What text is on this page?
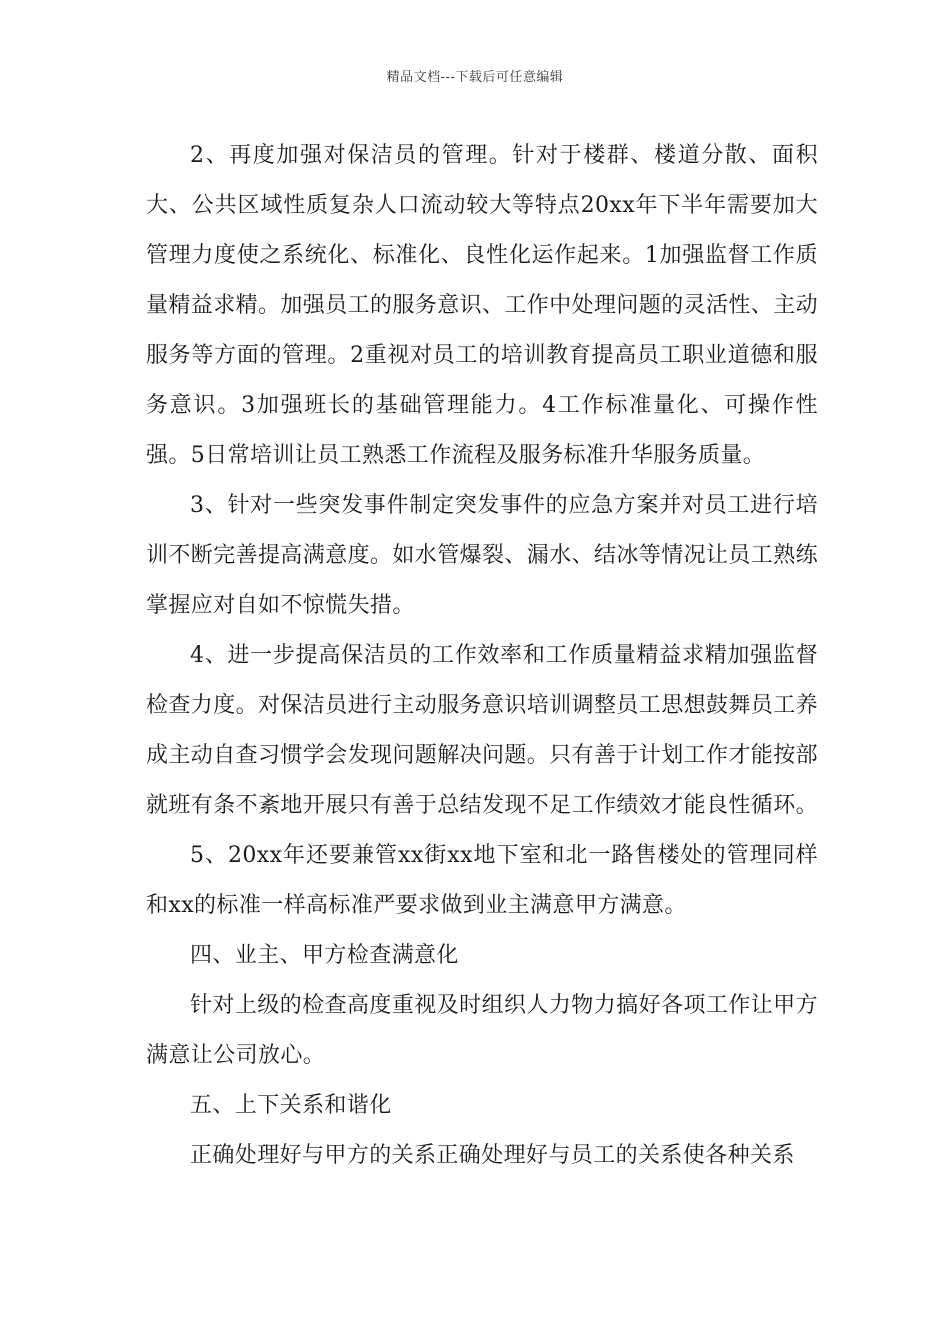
精品文档---下载后可任意编辑

2、再度加强对保洁员的管理。针对于楼群、楼道分散、面积大、公共区域性质复杂人口流动较大等特点20xx年下半年需要加大管理力度使之系统化、标准化、良性化运作起来。1加强监督工作质量精益求精。加强员工的服务意识、工作中处理问题的灵活性、主动服务等方面的管理。2重视对员工的培训教育提高员工职业道德和服务意识。3加强班长的基础管理能力。4工作标准量化、可操作性强。5日常培训让员工熟悉工作流程及服务标准升华服务质量。

3、针对一些突发事件制定突发事件的应急方案并对员工进行培训不断完善提高满意度。如水管爆裂、漏水、结冰等情况让员工熟练掌握应对自如不惊慌失措。

4、进一步提高保洁员的工作效率和工作质量精益求精加强监督检查力度。对保洁员进行主动服务意识培训调整员工思想鼓舞员工养成主动自查习惯学会发现问题解决问题。只有善于计划工作才能按部就班有条不紊地开展只有善于总结发现不足工作绩效才能良性循环。

5、20xx年还要兼管xx街xx地下室和北一路售楼处的管理同样和xx的标准一样高标准严要求做到业主满意甲方满意。

四、业主、甲方检查满意化

针对上级的检查高度重视及时组织人力物力搞好各项工作让甲方满意让公司放心。

五、上下关系和谐化

正确处理好与甲方的关系正确处理好与员工的关系使各种关系
